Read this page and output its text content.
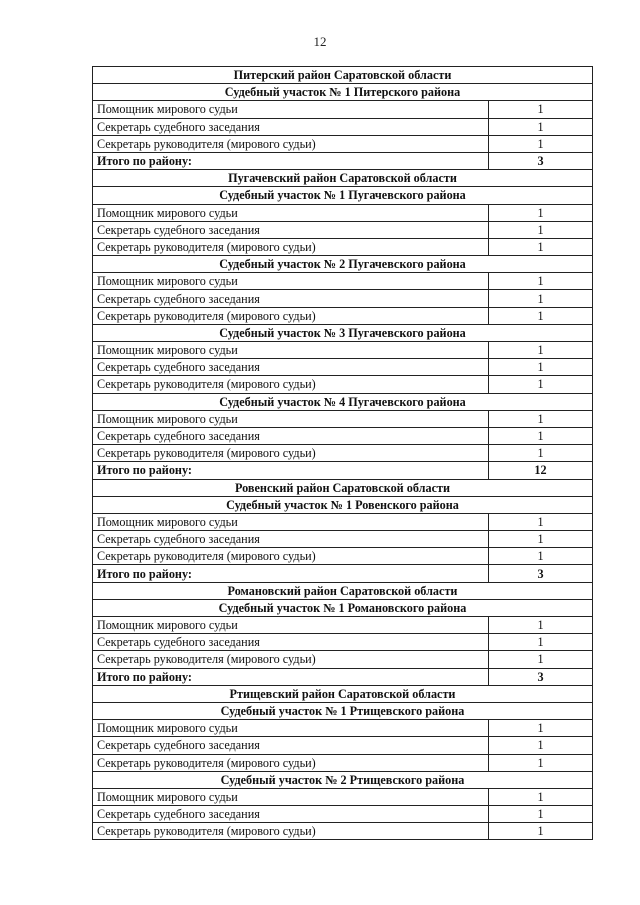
12
Питерский район Саратовской области	
Судебный участок № 1 Питерского района	
Помощник мирового судьи	1
Секретарь судебного заседания	1
Секретарь руководителя (мирового судьи)	1
Итого по району:	3
Пугачевский район Саратовской области	
Судебный участок № 1 Пугачевского района	
Помощник мирового судьи	1
Секретарь судебного заседания	1
Секретарь руководителя (мирового судьи)	1
Судебный участок № 2 Пугачевского района	
Помощник мирового судьи	1
Секретарь судебного заседания	1
Секретарь руководителя (мирового судьи)	1
Судебный участок № 3 Пугачевского района	
Помощник мирового судьи	1
Секретарь судебного заседания	1
Секретарь руководителя (мирового судьи)	1
Судебный участок № 4 Пугачевского района	
Помощник мирового судьи	1
Секретарь судебного заседания	1
Секретарь руководителя (мирового судьи)	1
Итого по району:	12
Ровенский район Саратовской области	
Судебный участок № 1 Ровенского района	
Помощник мирового судьи	1
Секретарь судебного заседания	1
Секретарь руководителя (мирового судьи)	1
Итого по району:	3
Романовский район Саратовской области	
Судебный участок № 1 Романовского района	
Помощник мирового судьи	1
Секретарь судебного заседания	1
Секретарь руководителя (мирового судьи)	1
Итого по району:	3
Ртищевский район Саратовской области	
Судебный участок № 1 Ртищевского района	
Помощник мирового судьи	1
Секретарь судебного заседания	1
Секретарь руководителя (мирового судьи)	1
Судебный участок № 2 Ртищевского района	
Помощник мирового судьи	1
Секретарь судебного заседания	1
Секретарь руководителя (мирового судьи)	1
